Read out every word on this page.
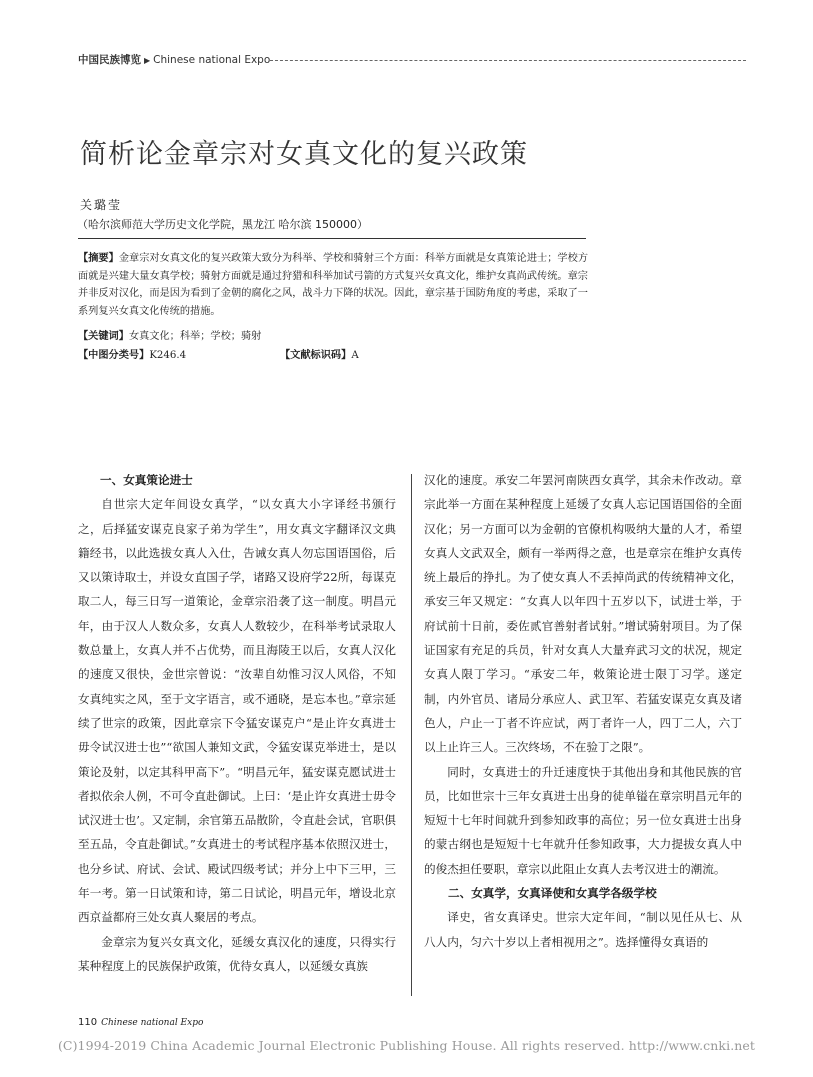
中国民族博览 ▶ Chinese national Expo
简析论金章宗对女真文化的复兴政策
关璐莹
（哈尔滨师范大学历史文化学院，黑龙江 哈尔滨 150000）
【摘要】金章宗对女真文化的复兴政策大致分为科举、学校和骑射三个方面：科举方面就是女真策论进士；学校方面就是兴建大量女真学校；骑射方面就是通过狩猎和科举加试弓箭的方式复兴女真文化，维护女真尚武传统。章宗并非反对汉化，而是因为看到了金朝的腐化之风，战斗力下降的状况。因此，章宗基于国防角度的考虑，采取了一系列复兴女真文化传统的措施。
【关键词】女真文化；科举；学校；骑射
【中图分类号】K246.4	【文献标识码】A
一、女真策论进士

自世宗大定年间设女真学，“以女真大小字译经书颁行之，后择猛安谋克良家子弟为学生”，用女真文字翻译汉文典籍经书，以此选拔女真人入仕，告诫女真人勿忘国语国俗，后又以策诗取士，并设女直国子学，诸路又设府学22所，每谋克取二人，每三日写一道策论，金章宗沿袭了这一制度。明昌元年，由于汉人人数众多，女真人人数较少，在科举考试录取人数总量上，女真人并不占优势，而且海陵王以后，女真人汉化的速度又很快，金世宗曾说：“汝辈自幼惟习汉人风俗，不知女真纯实之风，至于文字语言，或不通晓，是忘本也。”章宗延续了世宗的政策，因此章宗下令猛安谋克户“是止许女真进士毋令试汉进士也”“欲国人兼知文武，令猛安谋克举进士，是以策论及射，以定其科甲高下”。“明昌元年，猛安谋克愿试进士者拟依余人例，不可令直赴御试。上曰：‘是止许女真进士毋令试汉进士也’。又定制，余官第五品散阶，令直赴会试，官职俱至五品，令直赴御试。”女真进士的考试程序基本依照汉进士，也分乡试、府试、会试、殿试四级考试；并分上中下三甲，三年一考。第一日试策和诗，第二日试论，明昌元年，增设北京西京益都府三处女真人聚居的考点。

金章宗为复兴女真文化，延缓女真汉化的速度，只得实行某种程度上的民族保护政策，优待女真人，以延缓女真族

汉化的速度。承安二年罢河南陕西女真学，其余未作改动。章宗此举一方面在某种程度上延缓了女真人忘记国语国俗的全面汉化；另一方面可以为金朝的官僚机构吸纳大量的人才，希望女真人文武双全，颇有一举两得之意，也是章宗在维护女真传统上最后的挣扎。为了使女真人不丢掉尚武的传统精神文化，承安三年又规定：“女真人以年四十五岁以下，试进士举，于府试前十日前，委佐贰官善射者试射。”增试骑射项目。为了保证国家有充足的兵员，针对女真人大量弃武习文的状况，规定女真人限丁学习。“承安二年，敕策论进士限丁习学。遂定制，内外官员、诸局分承应人、武卫军、若猛安谋克女真及诸色人，户止一丁者不许应试，两丁者许一人，四丁二人，六丁以上止许三人。三次终场，不在验丁之限”。

同时，女真进士的升迁速度快于其他出身和其他民族的官员，比如世宗十三年女真进士出身的徒单镒在章宗明昌元年的短短十七年时间就升到参知政事的高位；另一位女真进士出身的蒙古纲也是短短十七年就升任参知政事，大力提拔女真人中的俊杰担任要职，章宗以此阻止女真人去考汉进士的潮流。

二、女真学，女真译使和女真学各级学校

译史，省女真译史。世宗大定年间，“制以见任从七、从八人内，匀六十岁以上者相视用之”。选择懂得女真语的

110 Chinese national Expo
(C)1994-2019 China Academic Journal Electronic Publishing House. All rights reserved. http://www.cnki.net
